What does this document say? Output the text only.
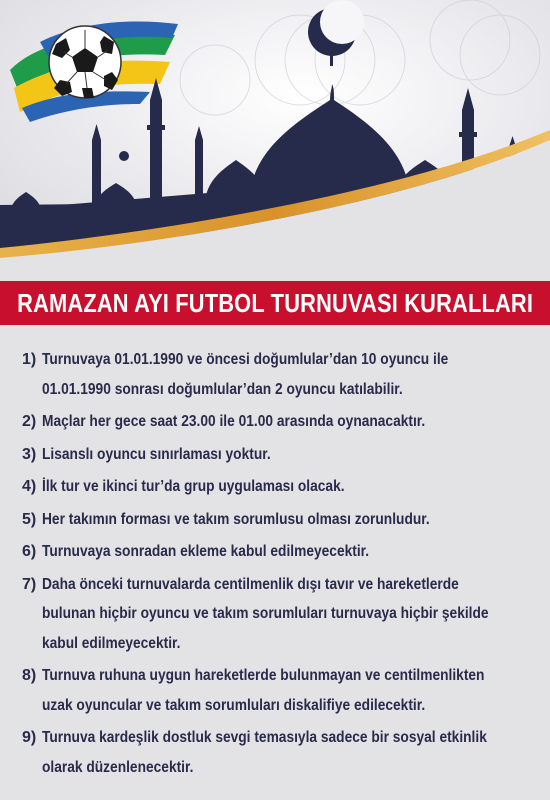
RAMAZAN AYI FUTBOL TURNUVASI KURALLARI
1) Turnuvaya 01.01.1990 ve öncesi doğumlular’dan 10 oyuncu ile
01.01.1990 sonrası doğumlular’dan 2 oyuncu katılabilir.
2) Maçlar her gece saat 23.00 ile 01.00 arasında oynanacaktır.
3) Lisanslı oyuncu sınırlaması yoktur.
4) İlk tur ve ikinci tur’da grup uygulaması olacak.
5) Her takımın forması ve takım sorumlusu olması zorunludur.
6) Turnuvaya sonradan ekleme kabul edilmeyecektir.
7) Daha önceki turnuvalarda centilmenlik dışı tavır ve hareketlerde
bulunan hiçbir oyuncu ve takım sorumluları turnuvaya hiçbir şekilde
kabul edilmeyecektir.
8) Turnuva ruhuna uygun hareketlerde bulunmayan ve centilmenlikten
uzak oyuncular ve takım sorumluları diskalifiye edilecektir.
9) Turnuva kardeşlik dostluk sevgi temasıyla sadece bir sosyal etkinlik
olarak düzenlenecektir.
